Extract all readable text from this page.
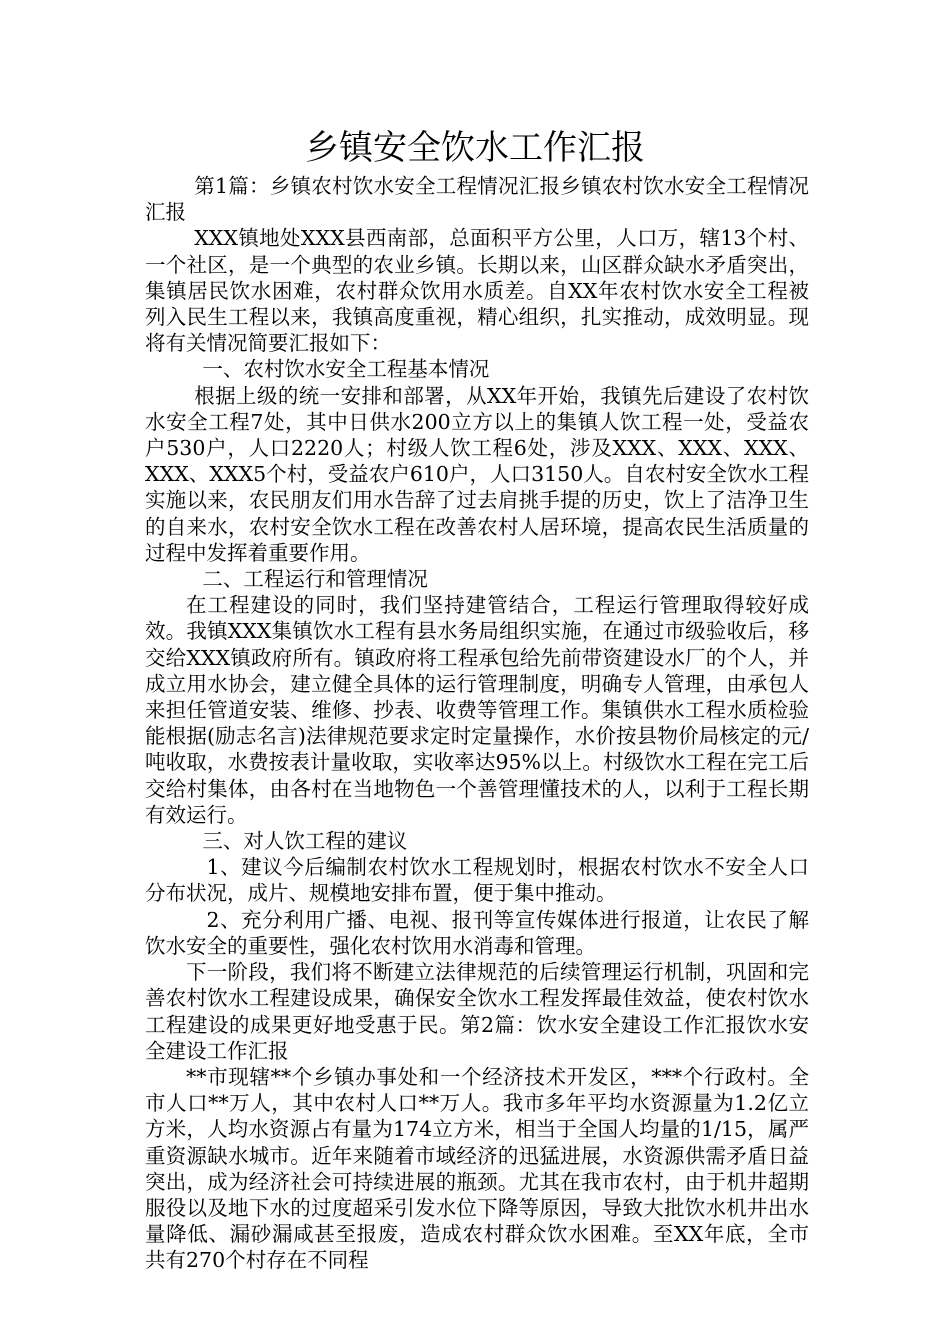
乡镇安全饮水工作汇报

第1篇：乡镇农村饮水安全工程情况汇报乡镇农村饮水安全工程情况汇报

XXX镇地处XXX县西南部，总面积平方公里，人口万，辖13个村、一个社区，是一个典型的农业乡镇。长期以来，山区群众缺水矛盾突出，集镇居民饮水困难，农村群众饮用水质差。自XX年农村饮水安全工程被列入民生工程以来，我镇高度重视，精心组织，扎实推动，成效明显。现将有关情况简要汇报如下：

一、农村饮水安全工程基本情况

根据上级的统一安排和部署，从XX年开始，我镇先后建设了农村饮水安全工程7处，其中日供水200立方以上的集镇人饮工程一处，受益农户530户，人口2220人；村级人饮工程6处，涉及XXX、XXX、XXX、XXX、XXX5个村，受益农户610户，人口3150人。自农村安全饮水工程实施以来，农民朋友们用水告辞了过去肩挑手提的历史，饮上了洁净卫生的自来水，农村安全饮水工程在改善农村人居环境，提高农民生活质量的过程中发挥着重要作用。

二、工程运行和管理情况

在工程建设的同时，我们坚持建管结合，工程运行管理取得较好成效。我镇XXX集镇饮水工程有县水务局组织实施，在通过市级验收后，移交给XXX镇政府所有。镇政府将工程承包给先前带资建设水厂的个人，并成立用水协会，建立健全具体的运行管理制度，明确专人管理，由承包人来担任管道安装、维修、抄表、收费等管理工作。集镇供水工程水质检验能根据(励志名言)法律规范要求定时定量操作，水价按县物价局核定的元/吨收取，水费按表计量收取，实收率达95%以上。村级饮水工程在完工后交给村集体，由各村在当地物色一个善管理懂技术的人，以利于工程长期有效运行。

三、对人饮工程的建议

1、建议今后编制农村饮水工程规划时，根据农村饮水不安全人口分布状况，成片、规模地安排布置，便于集中推动。

2、充分利用广播、电视、报刊等宣传媒体进行报道，让农民了解饮水安全的重要性，强化农村饮用水消毒和管理。

下一阶段，我们将不断建立法律规范的后续管理运行机制，巩固和完善农村饮水工程建设成果，确保安全饮水工程发挥最佳效益，使农村饮水工程建设的成果更好地受惠于民。第2篇：饮水安全建设工作汇报饮水安全建设工作汇报

**市现辖**个乡镇办事处和一个经济技术开发区，***个行政村。全市人口**万人，其中农村人口**万人。我市多年平均水资源量为1.2亿立方米，人均水资源占有量为174立方米，相当于全国人均量的1/15，属严重资源缺水城市。近年来随着市域经济的迅猛进展，水资源供需矛盾日益突出，成为经济社会可持续进展的瓶颈。尤其在我市农村，由于机井超期服役以及地下水的过度超采引发水位下降等原因，导致大批饮水机井出水量降低、漏砂漏咸甚至报废，造成农村群众饮水困难。至XX年底，全市共有270个村存在不同程
